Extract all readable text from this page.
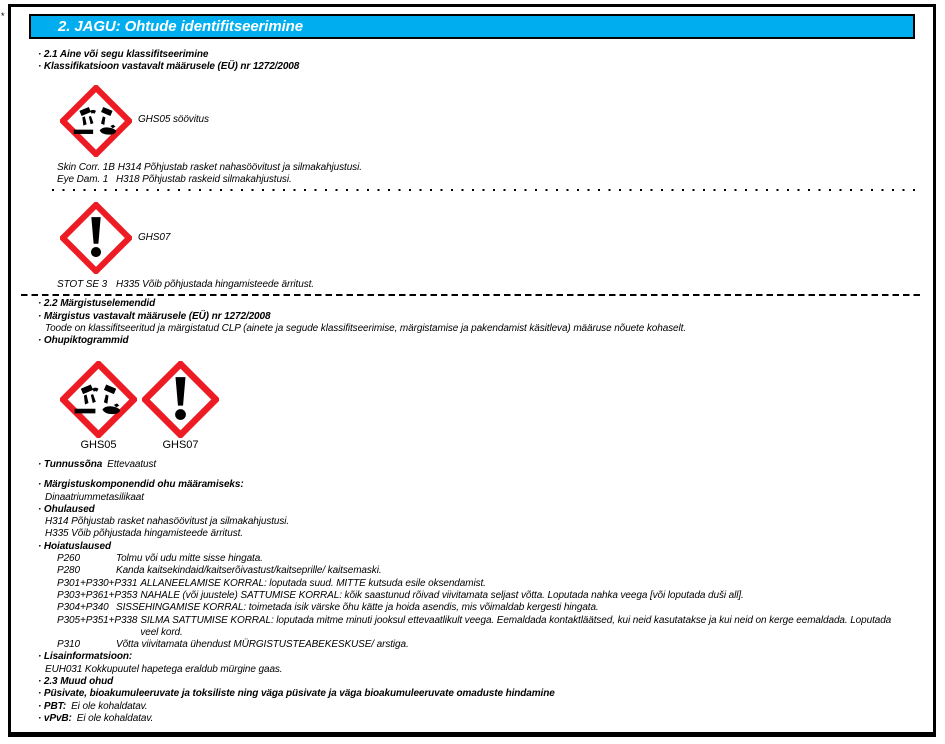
*
2. JAGU: Ohtude identifitseerimine
· 2.1 Aine või segu klassifitseerimine
· Klassifikatsioon vastavalt määrusele (EÜ) nr 1272/2008
GHS05 söövitus
Skin Corr. 1B H314 Põhjustab rasket nahasöövitust ja silmakahjustusi.
Eye Dam. 1 H318 Põhjustab raskeid silmakahjustusi.
GHS07
STOT SE 3 H335 Võib põhjustada hingamisteede ärritust.
· 2.2 Märgistuselemendid
· Märgistus vastavalt määrusele (EÜ) nr 1272/2008
Toode on klassifitseeritud ja märgistatud CLP (ainete ja segude klassifitseerimise, märgistamise ja pakendamist käsitleva) määruse nõuete kohaselt.
· Ohupiktogrammid
GHS05	GHS07
· Tunnussõna Ettevaatust
· Märgistuskomponendid ohu määramiseks:
Dinaatriummetasilikaat
· Ohulaused
H314 Põhjustab rasket nahasöövitust ja silmakahjustusi.
H335 Võib põhjustada hingamisteede ärritust.
· Hoiatuslaused
P260	Tolmu või udu mitte sisse hingata.
P280	Kanda kaitsekindaid/kaitserõivastust/kaitseprille/ kaitsemaski.
P301+P330+P331 ALLANEELAMISE KORRAL: loputada suud. MITTE kutsuda esile oksendamist.
P303+P361+P353 NAHALE (või juustele) SATTUMISE KORRAL: kõik saastunud rõivad viivitamata seljast võtta. Loputada nahka veega [või loputada duši all].
P304+P340 SISSEHINGAMISE KORRAL: toimetada isik värske õhu kätte ja hoida asendis, mis võimaldab kergesti hingata.
P305+P351+P338 SILMA SATTUMISE KORRAL: loputada mitme minuti jooksul ettevaatlikult veega. Eemaldada kontaktläätsed, kui neid kasutatakse ja kui neid on kerge eemaldada. Loputada veel kord.
P310	Võtta viivitamata ühendust MÜRGISTUSTEABEKESKUSE/ arstiga.
· Lisainformatsioon:
EUH031 Kokkupuutel hapetega eraldub mürgine gaas.
· 2.3 Muud ohud
· Püsivate, bioakumuleeruvate ja toksiliste ning väga püsivate ja väga bioakumuleeruvate omaduste hindamine
· PBT: Ei ole kohaldatav.
· vPvB: Ei ole kohaldatav.
